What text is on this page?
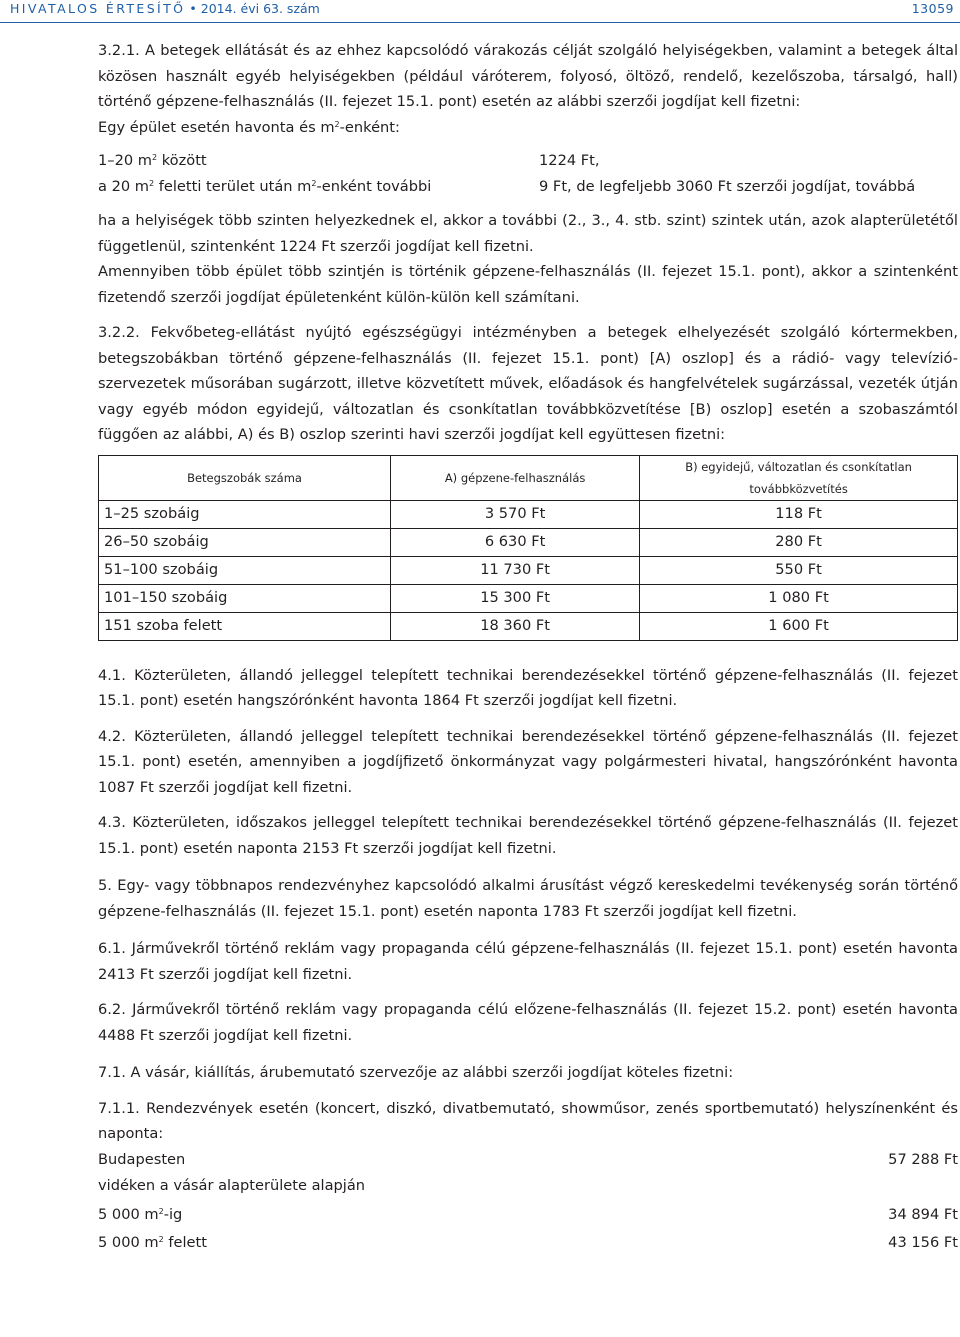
HIVATALOS ÉRTESÍTŐ • 2014. évi 63. szám	13059

3.2.1. A betegek ellátását és az ehhez kapcsolódó várakozás célját szolgáló helyiségekben, valamint a betegek által közösen használt egyéb helyiségekben (például váróterem, folyosó, öltöző, rendelő, kezelőszoba, társalgó, hall) történő gépzene-felhasználás (II. fejezet 15.1. pont) esetén az alábbi szerzői jogdíjat kell fizetni:

Egy épület esetén havonta és $m^2$-enként:

1–20 $m^2$ között	1224 Ft,
a 20 $m^2$ feletti terület után $m^2$-enként további	9 Ft, de legfeljebb 3060 Ft szerzői jogdíjat, továbbá

ha a helyiségek több szinten helyezkednek el, akkor a további (2., 3., 4. stb. szint) szintek után, azok alapterületétől függetlenül, szintenként 1224 Ft szerzői jogdíjat kell fizetni.

Amennyiben több épület több szintjén is történik gépzene-felhasználás (II. fejezet 15.1. pont), akkor a szintenként fizetendő szerzői jogdíjat épületenként külön-külön kell számítani.

3.2.2. Fekvőbeteg-ellátást nyújtó egészségügyi intézményben a betegek elhelyezését szolgáló kórtermekben, betegszobákban történő gépzene-felhasználás (II. fejezet 15.1. pont) [A) oszlop] és a rádió- vagy televízió-szervezetek műsorában sugárzott, illetve közvetített művek, előadások és hangfelvételek sugárzással, vezeték útján vagy egyéb módon egyidejű, változatlan és csonkítatlan továbbközvetítése [B) oszlop] esetén a szobaszámtól függően az alábbi, A) és B) oszlop szerinti havi szerzői jogdíjat kell együttesen fizetni:

Betegszobák száma	A) gépzene-felhasználás	B) egyidejű, változatlan és csonkítatlan továbbközvetítés
1–25 szobáig	3 570 Ft	118 Ft
26–50 szobáig	6 630 Ft	280 Ft
51–100 szobáig	11 730 Ft	550 Ft
101–150 szobáig	15 300 Ft	1 080 Ft
151 szoba felett	18 360 Ft	1 600 Ft

4.1. Közterületen, állandó jelleggel telepített technikai berendezésekkel történő gépzene-felhasználás (II. fejezet 15.1. pont) esetén hangszórónként havonta 1864 Ft szerzői jogdíjat kell fizetni.

4.2. Közterületen, állandó jelleggel telepített technikai berendezésekkel történő gépzene-felhasználás (II. fejezet 15.1. pont) esetén, amennyiben a jogdíjfizető önkormányzat vagy polgármesteri hivatal, hangszórónként havonta 1087 Ft szerzői jogdíjat kell fizetni.

4.3. Közterületen, időszakos jelleggel telepített technikai berendezésekkel történő gépzene-felhasználás (II. fejezet 15.1. pont) esetén naponta 2153 Ft szerzői jogdíjat kell fizetni.

5. Egy- vagy többnapos rendezvényhez kapcsolódó alkalmi árusítást végző kereskedelmi tevékenység során történő gépzene-felhasználás (II. fejezet 15.1. pont) esetén naponta 1783 Ft szerzői jogdíjat kell fizetni.

6.1. Járművekről történő reklám vagy propaganda célú gépzene-felhasználás (II. fejezet 15.1. pont) esetén havonta 2413 Ft szerzői jogdíjat kell fizetni.

6.2. Járművekről történő reklám vagy propaganda célú előzene-felhasználás (II. fejezet 15.2. pont) esetén havonta 4488 Ft szerzői jogdíjat kell fizetni.

7.1. A vásár, kiállítás, árubemutató szervezője az alábbi szerzői jogdíjat köteles fizetni:

7.1.1. Rendezvények esetén (koncert, diszkó, divatbemutató, showműsor, zenés sportbemutató) helyszínenként és naponta:

Budapesten	57 288 Ft

vidéken a vásár alapterülete alapján

5 000 $m^2-ig$	34 894 Ft
5 000 $m^2$ felett	43 156 Ft
